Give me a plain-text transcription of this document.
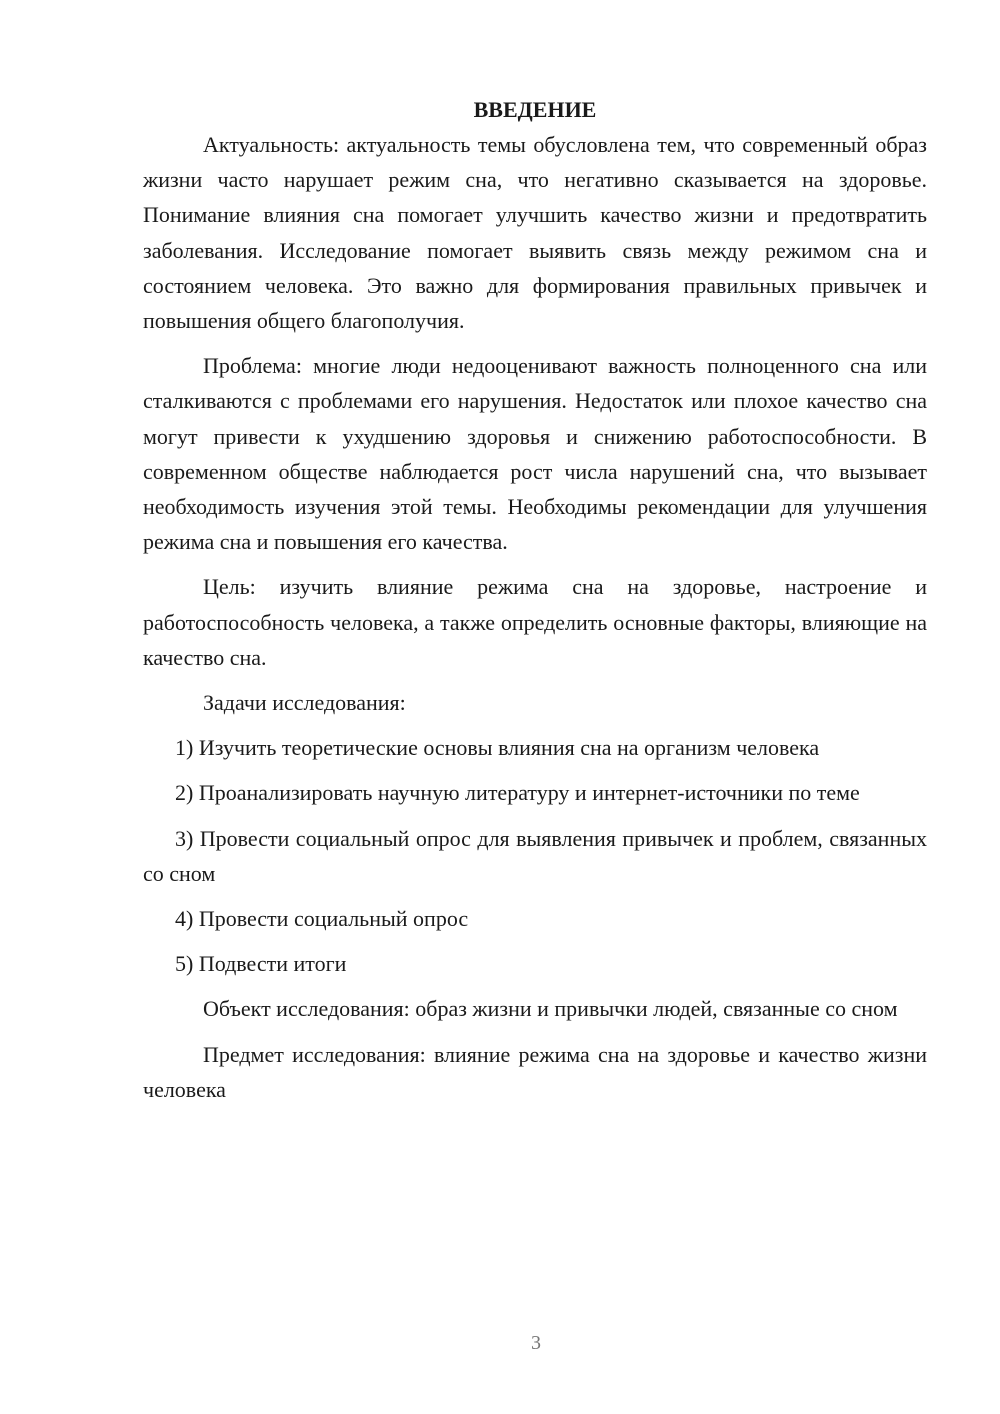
ВВЕДЕНИЕ

Актуальность: актуальность темы обусловлена тем, что современный образ жизни часто нарушает режим сна, что негативно сказывается на здоровье. Понимание влияния сна помогает улучшить качество жизни и предотвратить заболевания. Исследование помогает выявить связь между режимом сна и состоянием человека. Это важно для формирования правильных привычек и повышения общего благополучия.

Проблема: многие люди недооценивают важность полноценного сна или сталкиваются с проблемами его нарушения. Недостаток или плохое качество сна могут привести к ухудшению здоровья и снижению работоспособности. В современном обществе наблюдается рост числа нарушений сна, что вызывает необходимость изучения этой темы. Необходимы рекомендации для улучшения режима сна и повышения его качества.

Цель: изучить влияние режима сна на здоровье, настроение и работоспособность человека, а также определить основные факторы, влияющие на качество сна.

Задачи исследования:

1) Изучить теоретические основы влияния сна на организм человека

2) Проанализировать научную литературу и интернет-источники по теме

3) Провести социальный опрос для выявления привычек и проблем, связанных со сном

4) Провести социальный опрос

5) Подвести итоги

Объект исследования: образ жизни и привычки людей, связанные со сном

Предмет исследования: влияние режима сна на здоровье и качество жизни человека

3
